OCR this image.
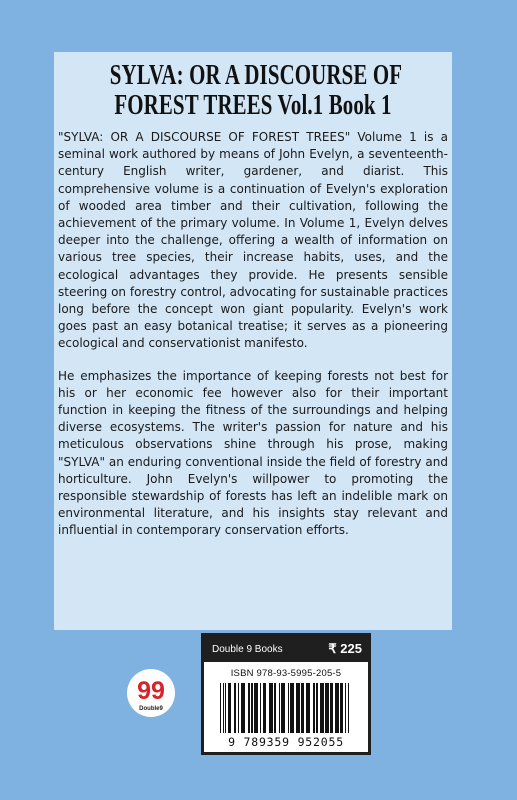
SYLVA: OR A DISCOURSE OF
FOREST TREES Vol.1 Book 1

"SYLVA: OR A DISCOURSE OF FOREST TREES" Volume 1 is a seminal work authored by means of John Evelyn, a seventeenth-century English writer, gardener, and diarist. This comprehensive volume is a continuation of Evelyn's exploration of wooded area timber and their cultivation, following the achievement of the primary volume. In Volume 1, Evelyn delves deeper into the challenge, offering a wealth of information on various tree species, their increase habits, uses, and the ecological advantages they provide. He presents sensible steering on forestry control, advocating for sustainable practices long before the concept won giant popularity. Evelyn's work goes past an easy botanical treatise; it serves as a pioneering ecological and conservationist manifesto.

He emphasizes the importance of keeping forests not best for his or her economic fee however also for their important function in keeping the fitness of the surroundings and helping diverse ecosystems. The writer's passion for nature and his meticulous observations shine through his prose, making "SYLVA" an enduring conventional inside the field of forestry and horticulture. John Evelyn's willpower to promoting the responsible stewardship of forests has left an indelible mark on environmental literature, and his insights stay relevant and influential in contemporary conservation efforts.

99
Double9
Double 9 Books	₹ 225
ISBN 978-93-5995-205-5
9 789359 952055
